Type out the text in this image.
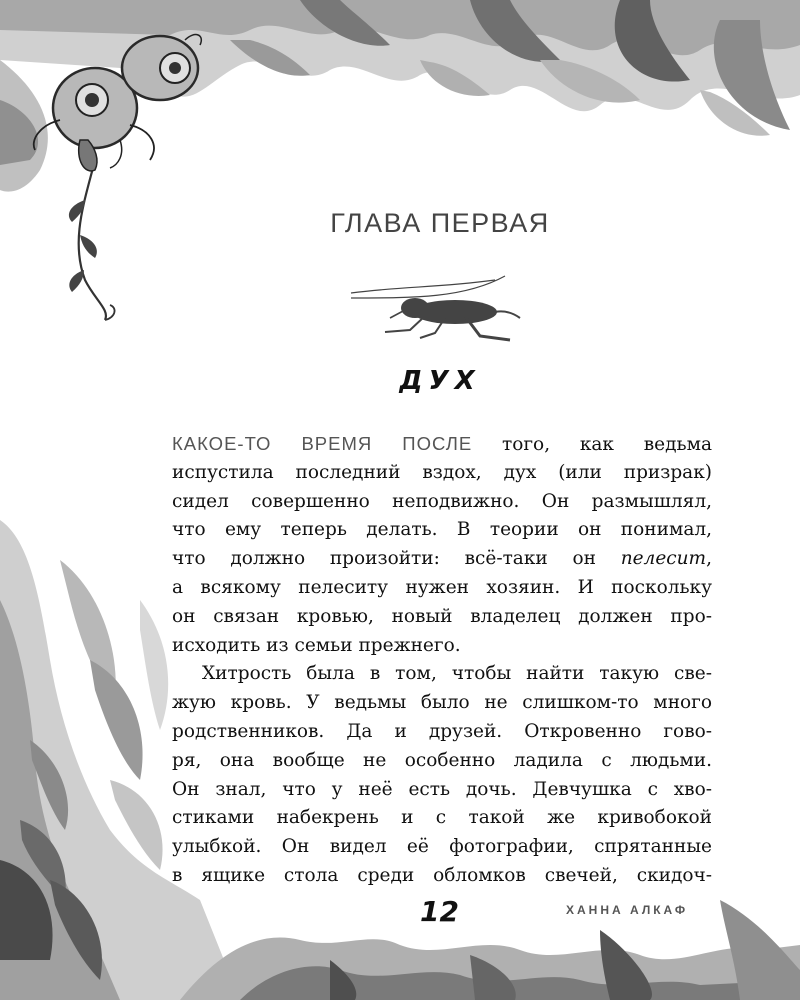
ГЛАВА ПЕРВАЯ
ДУХ
КАКОЕ-ТО ВРЕМЯ ПОСЛЕ того, как ведьма
испустила последний вздох, дух (или призрак)
сидел совершенно неподвижно. Он размышлял,
что ему теперь делать. В теории он понимал,
что должно произойти: всё-таки он пелесит,
а всякому пелеситу нужен хозяин. И поскольку
он связан кровью, новый владелец должен про-
исходить из семьи прежнего.
Хитрость была в том, чтобы найти такую све-
жую кровь. У ведьмы было не слишком-то много
родственников. Да и друзей. Откровенно гово-
ря, она вообще не особенно ладила с людьми.
Он знал, что у неё есть дочь. Девчушка с хво-
стиками набекрень и с такой же кривобокой
улыбкой. Он видел её фотографии, спрятанные
в ящике стола среди обломков свечей, скидоч-
12	ХАННА АЛКАФ
